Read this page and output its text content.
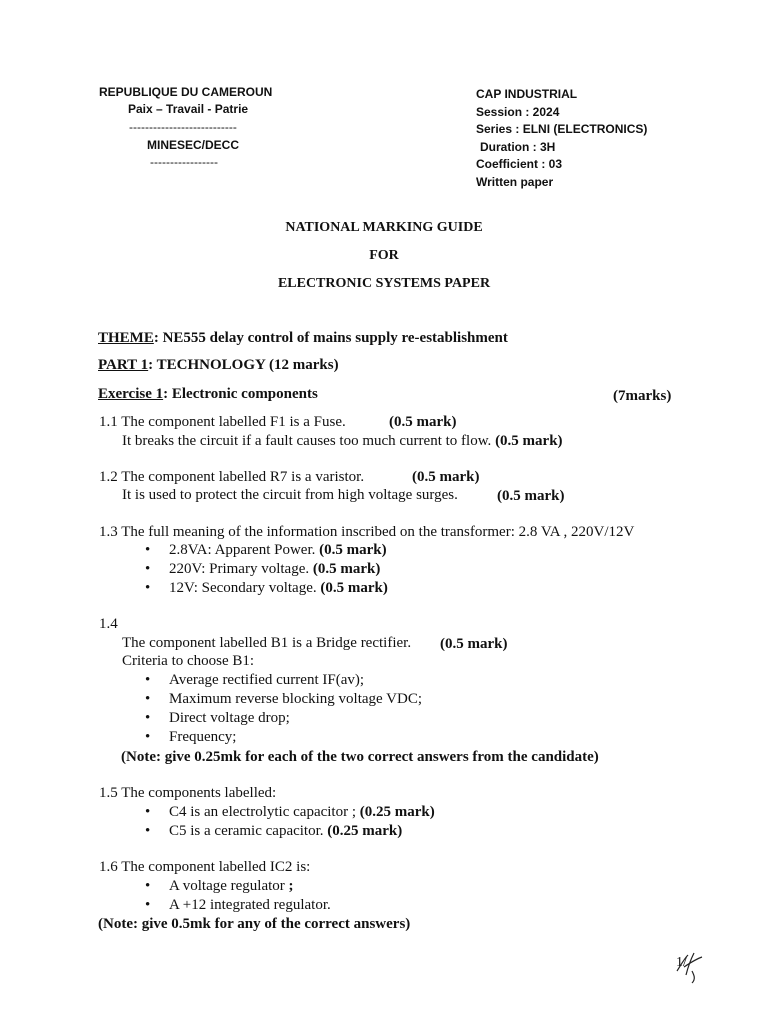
REPUBLIQUE DU CAMEROUN
Paix – Travail - Patrie
---------------------------
MINESEC/DECC
-----------------
CAP INDUSTRIAL
Session : 2024
Series : ELNI (ELECTRONICS)
Duration : 3H
Coefficient : 03
Written paper
NATIONAL MARKING GUIDE
FOR
ELECTRONIC SYSTEMS PAPER
THEME: NE555 delay control of mains supply re-establishment
PART 1: TECHNOLOGY (12 marks)
Exercise 1: Electronic components	(7marks)
1.1 The component labelled F1 is a Fuse.	(0.5 mark)
It breaks the circuit if a fault causes too much current to flow. (0.5 mark)
1.2 The component labelled R7 is a varistor.	(0.5 mark)
It is used to protect the circuit from high voltage surges.	(0.5 mark)
1.3 The full meaning of the information inscribed on the transformer: 2.8 VA , 220V/12V
• 2.8VA: Apparent Power. (0.5 mark)
• 220V: Primary voltage. (0.5 mark)
• 12V: Secondary voltage. (0.5 mark)
1.4
The component labelled B1 is a Bridge rectifier. (0.5 mark)
Criteria to choose B1:
• Average rectified current IF(av);
• Maximum reverse blocking voltage VDC;
• Direct voltage drop;
• Frequency;
(Note: give 0.25mk for each of the two correct answers from the candidate)
1.5 The components labelled:
• C4 is an electrolytic capacitor ; (0.25 mark)
• C5 is a ceramic capacitor. (0.25 mark)
1.6 The component labelled IC2 is:
• A voltage regulator ;
• A +12 integrated regulator.
(Note: give 0.5mk for any of the correct answers)
1/
